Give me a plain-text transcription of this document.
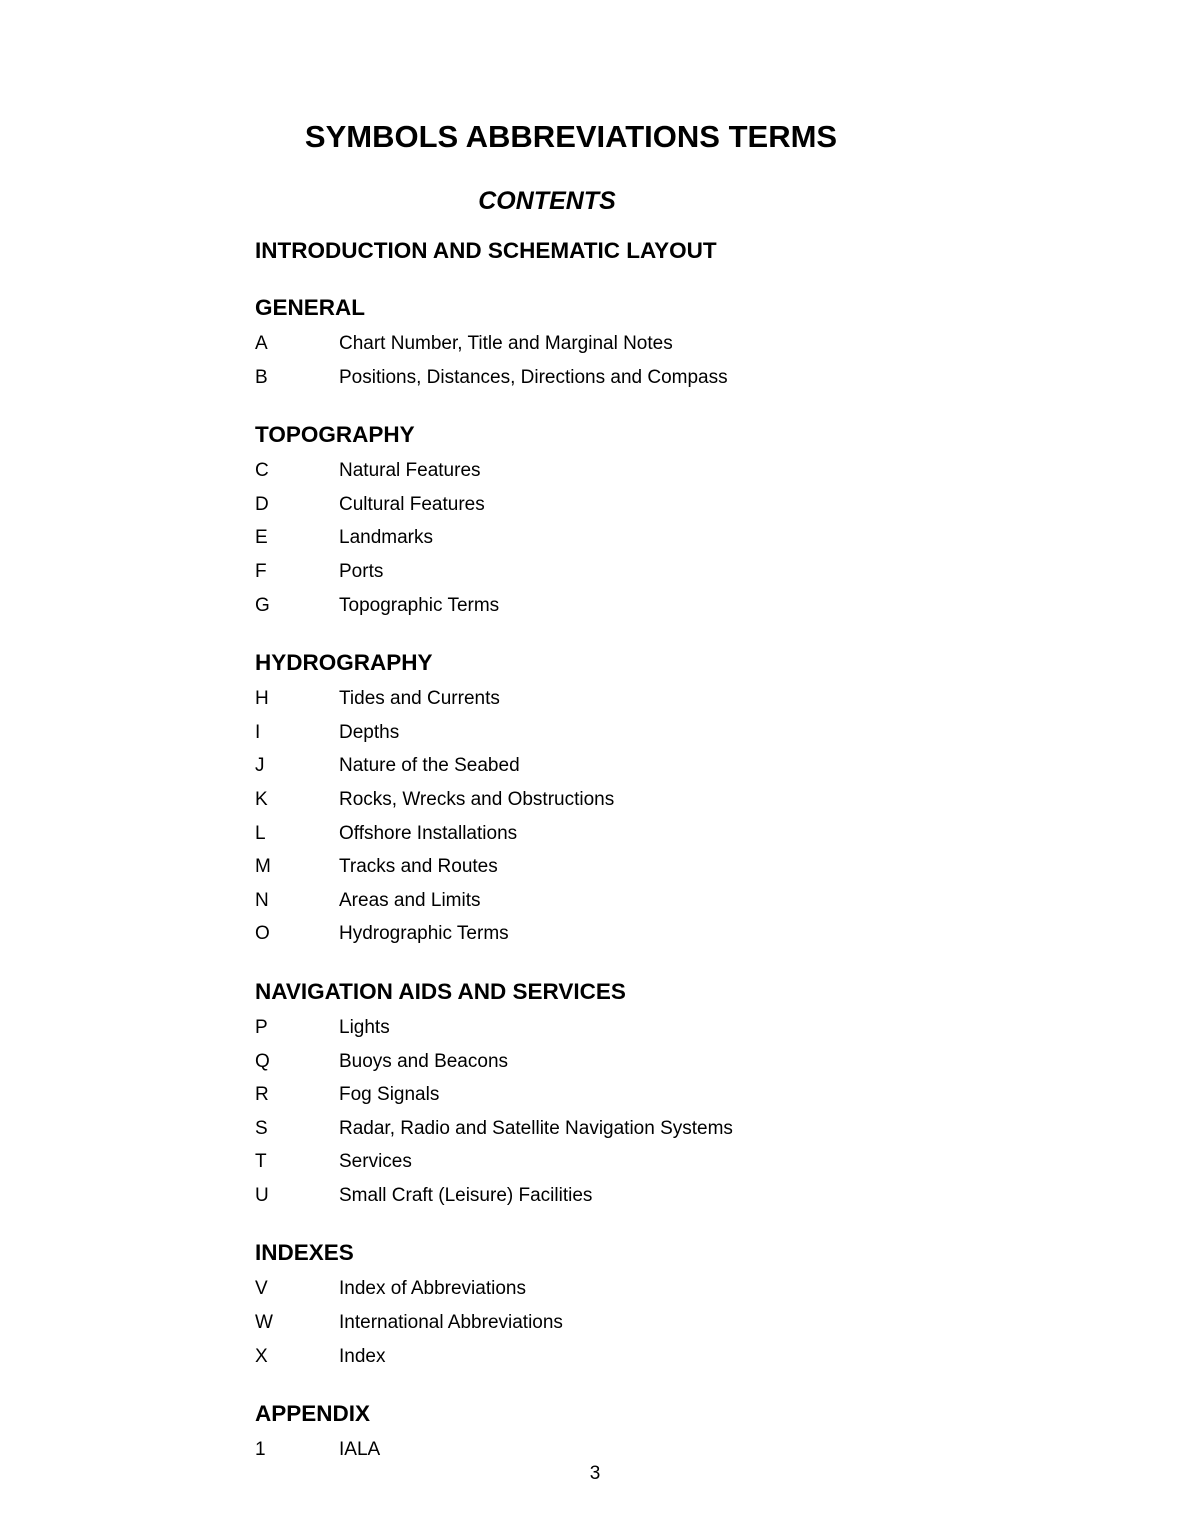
SYMBOLS ABBREVIATIONS TERMS
CONTENTS
INTRODUCTION AND SCHEMATIC LAYOUT
GENERAL
A	Chart Number, Title and Marginal Notes
B	Positions, Distances, Directions and Compass
TOPOGRAPHY
C	Natural Features
D	Cultural Features
E	Landmarks
F	Ports
G	Topographic Terms
HYDROGRAPHY
H	Tides and Currents
I	Depths
J	Nature of the Seabed
K	Rocks, Wrecks and Obstructions
L	Offshore Installations
M	Tracks and Routes
N	Areas and Limits
O	Hydrographic Terms
NAVIGATION AIDS AND SERVICES
P	Lights
Q	Buoys and Beacons
R	Fog Signals
S	Radar, Radio and Satellite Navigation Systems
T	Services
U	Small Craft (Leisure) Facilities
INDEXES
V	Index of Abbreviations
W	International Abbreviations
X	Index
APPENDIX
1	IALA
3
